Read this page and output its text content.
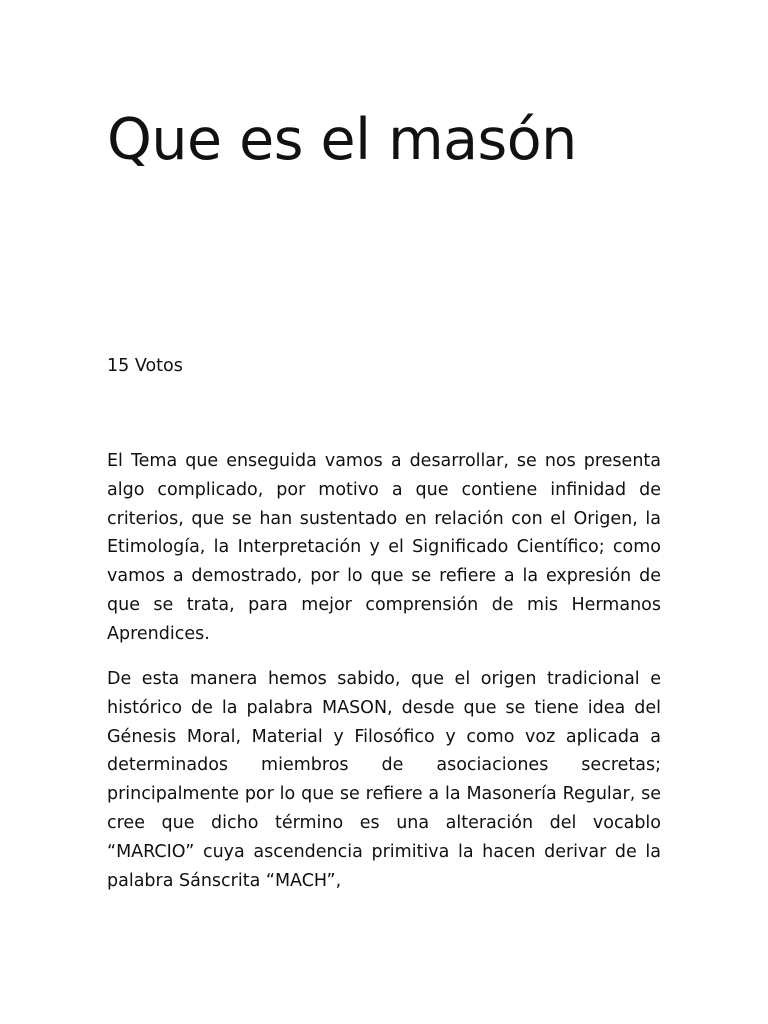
Que es el masón

15 Votos

El Tema que enseguida vamos a desarrollar, se nos presenta algo complicado, por motivo a que contiene infinidad de criterios, que se han sustentado en relación con el Origen, la Etimología, la Interpretación y el Significado Científico; como vamos a demostrado, por lo que se refiere a la expresión de que se trata, para mejor comprensión de mis Hermanos Aprendices.

De esta manera hemos sabido, que el origen tradicional e histórico de la palabra MASON, desde que se tiene idea del Génesis Moral, Material y Filosófico y como voz aplicada a determinados miembros de asociaciones secretas; principalmente por lo que se refiere a la Masonería Regular, se cree que dicho término es una alteración del vocablo “MARCIO” cuya ascendencia primitiva la hacen derivar de la palabra Sánscrita “MACH”,
